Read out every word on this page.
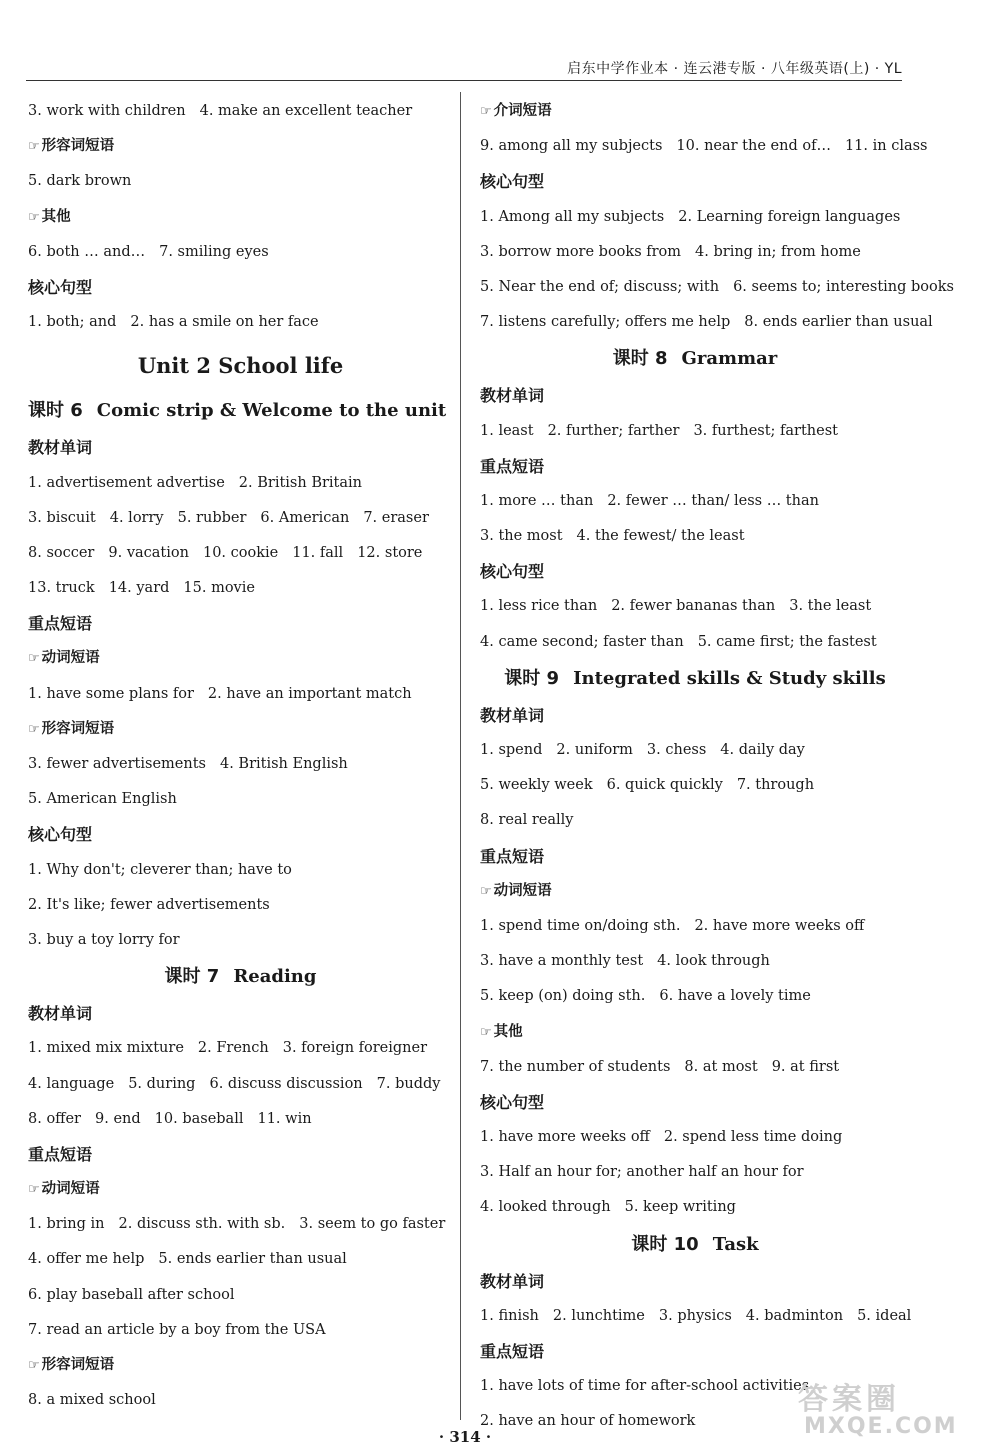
启东中学作业本 · 连云港专版 · 八年级英语(上) · YL
3. work with children 4. make an excellent teacher
☞ 形容词短语
5. dark brown
☞ 其他
6. both … and… 7. smiling eyes
核心句型
1. both; and 2. has a smile on her face
Unit 2 School life
课时 6 Comic strip & Welcome to the unit
教材单词
1. advertisement advertise 2. British Britain
3. biscuit 4. lorry 5. rubber 6. American 7. eraser
8. soccer 9. vacation 10. cookie 11. fall 12. store
13. truck 14. yard 15. movie
重点短语
☞ 动词短语
1. have some plans for 2. have an important match
☞ 形容词短语
3. fewer advertisements 4. British English
5. American English
核心句型
1. Why don't; cleverer than; have to
2. It's like; fewer advertisements
3. buy a toy lorry for
课时 7 Reading
教材单词
1. mixed mix mixture 2. French 3. foreign foreigner
4. language 5. during 6. discuss discussion 7. buddy
8. offer 9. end 10. baseball 11. win
重点短语
☞ 动词短语
1. bring in 2. discuss sth. with sb. 3. seem to go faster
4. offer me help 5. ends earlier than usual
6. play baseball after school
7. read an article by a boy from the USA
☞ 形容词短语
8. a mixed school
☞ 介词短语
9. among all my subjects 10. near the end of… 11. in class
核心句型
1. Among all my subjects 2. Learning foreign languages
3. borrow more books from 4. bring in; from home
5. Near the end of; discuss; with 6. seems to; interesting books
7. listens carefully; offers me help 8. ends earlier than usual
课时 8 Grammar
教材单词
1. least 2. further; farther 3. furthest; farthest
重点短语
1. more … than 2. fewer … than/ less … than
3. the most 4. the fewest/ the least
核心句型
1. less rice than 2. fewer bananas than 3. the least
4. came second; faster than 5. came first; the fastest
课时 9 Integrated skills & Study skills
教材单词
1. spend 2. uniform 3. chess 4. daily day
5. weekly week 6. quick quickly 7. through
8. real really
重点短语
☞ 动词短语
1. spend time on/doing sth. 2. have more weeks off
3. have a monthly test 4. look through
5. keep (on) doing sth. 6. have a lovely time
☞ 其他
7. the number of students 8. at most 9. at first
核心句型
1. have more weeks off 2. spend less time doing
3. Half an hour for; another half an hour for
4. looked through 5. keep writing
课时 10 Task
教材单词
1. finish 2. lunchtime 3. physics 4. badminton 5. ideal
重点短语
1. have lots of time for after-school activities
2. have an hour of homework
· 314 ·
答案圈
MXQE.COM
